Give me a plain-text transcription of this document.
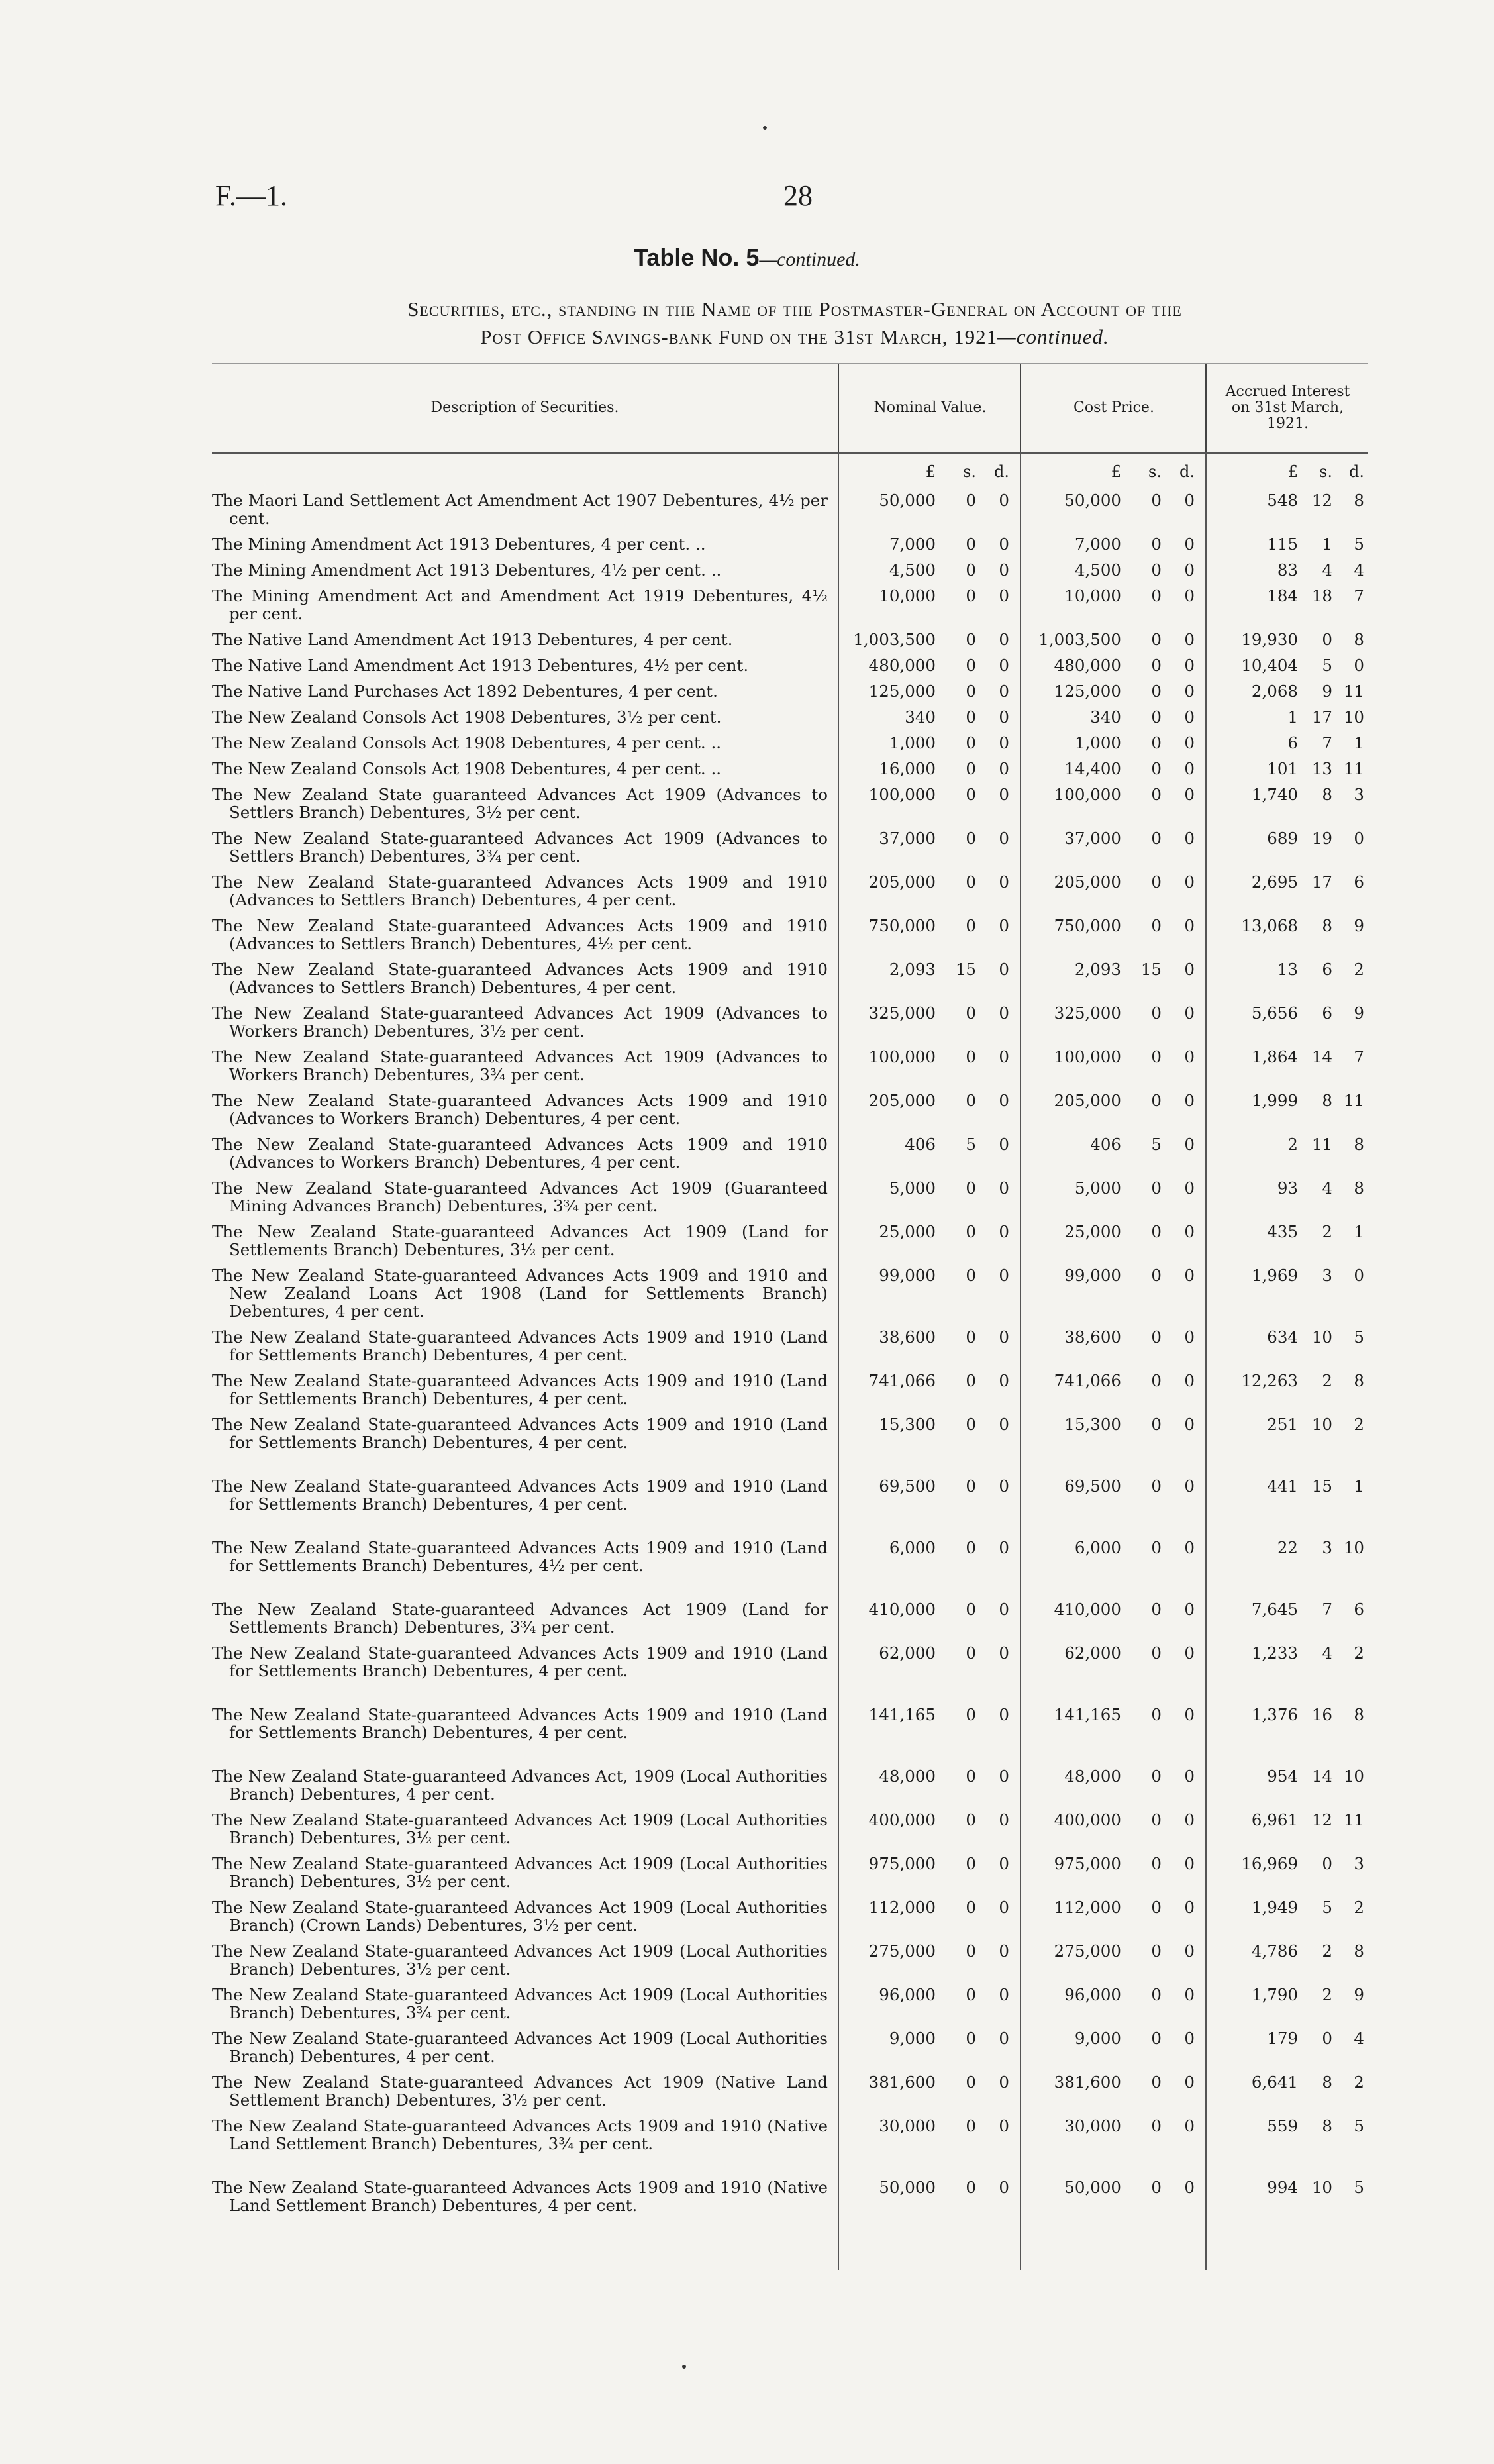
F.—1.	28
Table No. 5—continued.
Securities, etc., standing in the Name of the Postmaster-General on Account of the
Post Office Savings-bank Fund on the 31st March, 1921—continued.
Description of Securities.	Nominal Value.	Cost Price.
Accrued Interest
on 31st March,
1921.
£	s.	d.	£	s.	d.	£	s.	d.
The Maori Land Settlement Act Amendment Act 1907 Debentures, 4½ per cent.
50,000	0	0	50,000	0	0	548 12	8
The Mining Amendment Act 1913 Debentures, 4 per cent. ..	7,000	0	0	7,000	0	0	115	1	5
The Mining Amendment Act 1913 Debentures, 4½ per cent. ..	4,500	0	0	4,500	0	0	83	4	4
The Mining Amendment Act and Amendment Act 1919 Debentures, 4½ per cent.
10,000	0	0	10,000	0	0	184 18	7
The Native Land Amendment Act 1913 Debentures, 4 per cent.	1,003,500	0	0	1,003,500	0	0	19,930	0	8
The Native Land Amendment Act 1913 Debentures, 4½ per cent.	480,000	0	0	480,000	0	0	10,404	5	0
The Native Land Purchases Act 1892 Debentures, 4 per cent.	125,000	0	0	125,000	0	0	2,068	9 11
The New Zealand Consols Act 1908 Debentures, 3½ per cent.	340	0	0	340	0	0	1 17 10
The New Zealand Consols Act 1908 Debentures, 4 per cent. ..	1,000	0	0	1,000	0	0	6	7	1
The New Zealand Consols Act 1908 Debentures, 4 per cent. ..	16,000	0	0	14,400	0	0	101 13 11
The New Zealand State guaranteed Advances Act 1909 (Advances to Settlers Branch) Debentures, 3½ per cent.
100,000	0	0	100,000	0	0	1,740	8	3
The New Zealand State-guaranteed Advances Act 1909 (Advances to Settlers Branch) Debentures, 3¾ per cent.
37,000	0	0	37,000	0	0	689 19	0
The New Zealand State-guaranteed Advances Acts 1909 and 1910 (Advances to Settlers Branch) Debentures, 4 per cent.
205,000	0	0	205,000	0	0	2,695 17	6
The New Zealand State-guaranteed Advances Acts 1909 and 1910 (Advances to Settlers Branch) Debentures, 4½ per cent.
750,000	0	0	750,000	0	0	13,068	8	9
The New Zealand State-guaranteed Advances Acts 1909 and 1910 (Advances to Settlers Branch) Debentures, 4 per cent.
2,093	15	0	2,093	15	0	13	6	2
The New Zealand State-guaranteed Advances Act 1909 (Advances to Workers Branch) Debentures, 3½ per cent.
325,000	0	0	325,000	0	0	5,656	6	9
The New Zealand State-guaranteed Advances Act 1909 (Advances to Workers Branch) Debentures, 3¾ per cent.
100,000	0	0	100,000	0	0	1,864 14	7
The New Zealand State-guaranteed Advances Acts 1909 and 1910 (Advances to Workers Branch) Debentures, 4 per cent.
205,000	0	0	205,000	0	0	1,999	8 11
The New Zealand State-guaranteed Advances Acts 1909 and 1910 (Advances to Workers Branch) Debentures, 4 per cent.
406	5	0	406	5	0	2 11	8
The New Zealand State-guaranteed Advances Act 1909 (Guaranteed Mining Advances Branch) Debentures, 3¾ per cent.
5,000	0	0	5,000	0	0	93	4	8
The New Zealand State-guaranteed Advances Act 1909 (Land for Settlements Branch) Debentures, 3½ per cent.
25,000	0	0	25,000	0	0	435	2	1
The New Zealand State-guaranteed Advances Acts 1909 and 1910 and New Zealand Loans Act 1908 (Land for Settlements Branch) Debentures, 4 per cent.
99,000	0	0	99,000	0	0	1,969	3	0
The New Zealand State-guaranteed Advances Acts 1909 and 1910 (Land for Settlements Branch) Debentures, 4 per cent.
38,600	0	0	38,600	0	0	634 10	5
The New Zealand State-guaranteed Advances Acts 1909 and 1910 (Land for Settlements Branch) Debentures, 4 per cent.
741,066	0	0	741,066	0	0	12,263	2	8
The New Zealand State-guaranteed Advances Acts 1909 and 1910 (Land for Settlements Branch) Debentures, 4 per cent.
15,300	0	0	15,300	0	0	251 10	2
The New Zealand State-guaranteed Advances Acts 1909 and 1910 (Land for Settlements Branch) Debentures, 4 per cent.
69,500	0	0	69,500	0	0	441 15	1
The New Zealand State-guaranteed Advances Acts 1909 and 1910 (Land for Settlements Branch) Debentures, 4½ per cent.
6,000	0	0	6,000	0	0	22	3 10
The New Zealand State-guaranteed Advances Act 1909 (Land for Settlements Branch) Debentures, 3¾ per cent.
410,000	0	0	410,000	0	0	7,645	7	6
The New Zealand State-guaranteed Advances Acts 1909 and 1910 (Land for Settlements Branch) Debentures, 4 per cent.
62,000	0	0	62,000	0	0	1,233	4	2
The New Zealand State-guaranteed Advances Acts 1909 and 1910 (Land for Settlements Branch) Debentures, 4 per cent.
141,165	0	0	141,165	0	0	1,376 16	8
The New Zealand State-guaranteed Advances Act, 1909 (Local Authorities Branch) Debentures, 4 per cent.
48,000	0	0	48,000	0	0	954 14 10
The New Zealand State-guaranteed Advances Act 1909 (Local Authorities Branch) Debentures, 3½ per cent.
400,000	0	0	400,000	0	0	6,961 12 11
The New Zealand State-guaranteed Advances Act 1909 (Local Authorities Branch) Debentures, 3½ per cent.
975,000	0	0	975,000	0	0	16,969	0	3
The New Zealand State-guaranteed Advances Act 1909 (Local Authorities Branch) (Crown Lands) Debentures, 3½ per cent.
112,000	0	0	112,000	0	0	1,949	5	2
The New Zealand State-guaranteed Advances Act 1909 (Local Authorities Branch) Debentures, 3½ per cent.
275,000	0	0	275,000	0	0	4,786	2	8
The New Zealand State-guaranteed Advances Act 1909 (Local Authorities Branch) Debentures, 3¾ per cent.
96,000	0	0	96,000	0	0	1,790	2	9
The New Zealand State-guaranteed Advances Act 1909 (Local Authorities Branch) Debentures, 4 per cent.
9,000	0	0	9,000	0	0	179	0	4
The New Zealand State-guaranteed Advances Act 1909 (Native Land Settlement Branch) Debentures, 3½ per cent.
381,600	0	0	381,600	0	0	6,641	8	2
The New Zealand State-guaranteed Advances Acts 1909 and 1910 (Native Land Settlement Branch) Debentures, 3¾ per cent.
30,000	0	0	30,000	0	0	559	8	5
The New Zealand State-guaranteed Advances Acts 1909 and 1910 (Native Land Settlement Branch) Debentures, 4 per cent.
50,000	0	0	50,000	0	0	994 10	5
